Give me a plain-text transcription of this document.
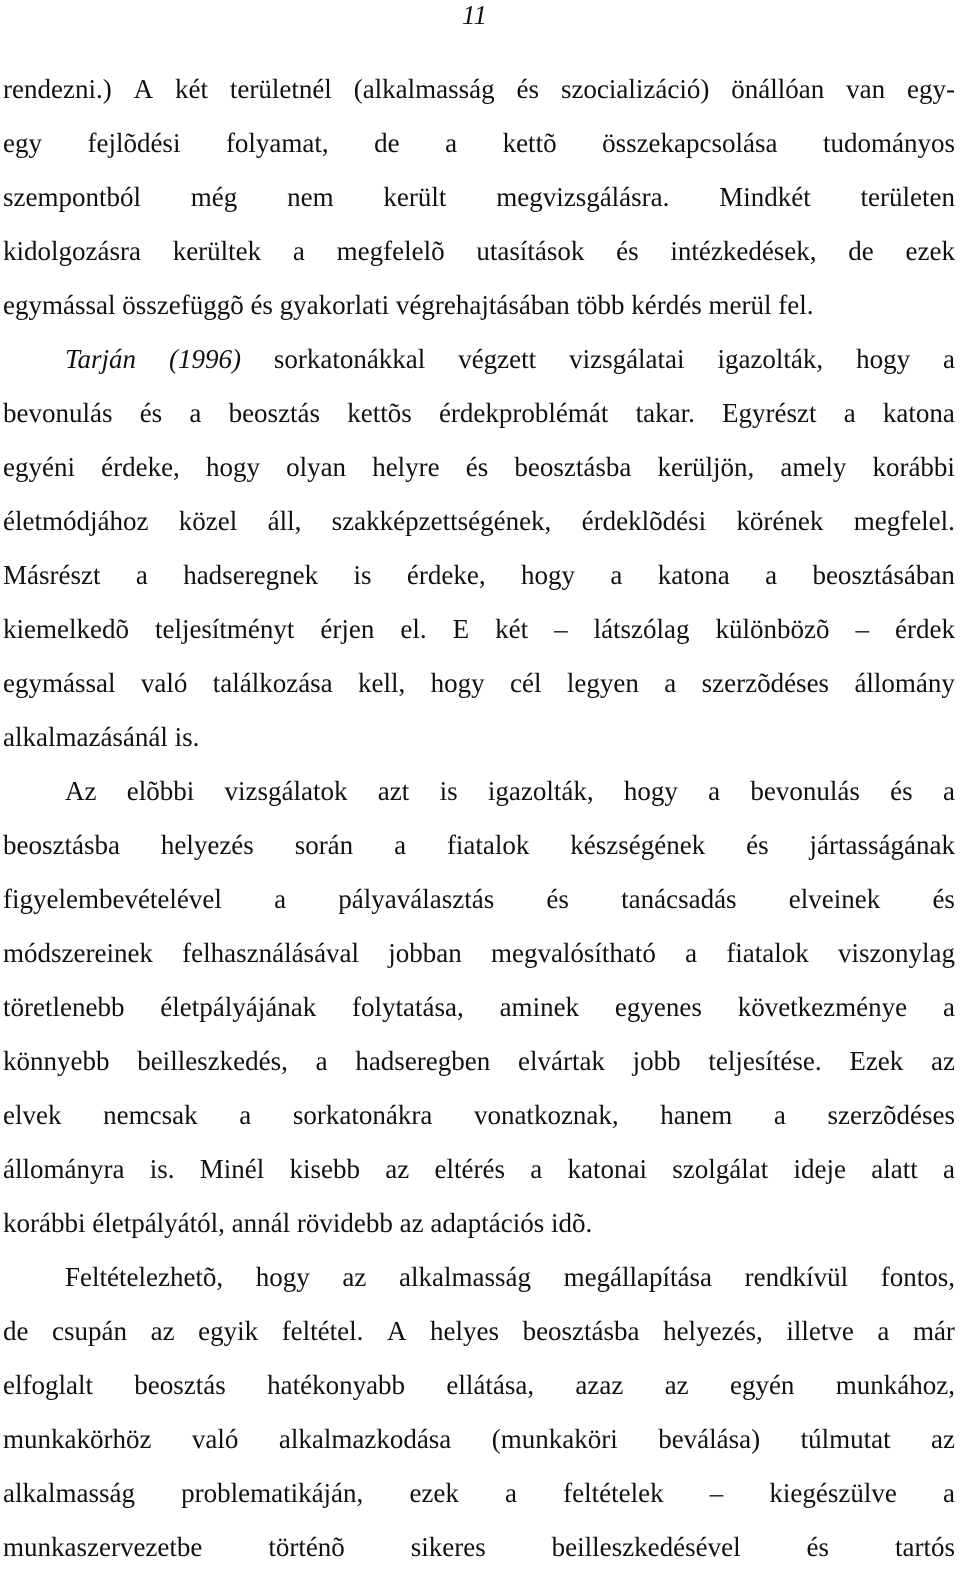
11
rendezni.) A két területnél (alkalmasság és szocializáció) önállóan van egy-
egy fejlõdési folyamat, de a kettõ összekapcsolása tudományos
szempontból még nem került megvizsgálásra. Mindkét területen
kidolgozásra kerültek a megfelelõ utasítások és intézkedések, de ezek
egymással összefüggõ és gyakorlati végrehajtásában több kérdés merül fel.
Tarján (1996) sorkatonákkal végzett vizsgálatai igazolták, hogy a
bevonulás és a beosztás kettõs érdekproblémát takar. Egyrészt a katona
egyéni érdeke, hogy olyan helyre és beosztásba kerüljön, amely korábbi
életmódjához közel áll, szakképzettségének, érdeklõdési körének megfelel.
Másrészt a hadseregnek is érdeke, hogy a katona a beosztásában
kiemelkedõ teljesítményt érjen el. E két – látszólag különbözõ – érdek
egymással való találkozása kell, hogy cél legyen a szerzõdéses állomány
alkalmazásánál is.
Az elõbbi vizsgálatok azt is igazolták, hogy a bevonulás és a
beosztásba helyezés során a fiatalok készségének és jártasságának
figyelembevételével a pályaválasztás és tanácsadás elveinek és
módszereinek felhasználásával jobban megvalósítható a fiatalok viszonylag
töretlenebb életpályájának folytatása, aminek egyenes következménye a
könnyebb beilleszkedés, a hadseregben elvártak jobb teljesítése. Ezek az
elvek nemcsak a sorkatonákra vonatkoznak, hanem a szerzõdéses
állományra is. Minél kisebb az eltérés a katonai szolgálat ideje alatt a
korábbi életpályától, annál rövidebb az adaptációs idõ.
Feltételezhetõ, hogy az alkalmasság megállapítása rendkívül fontos,
de csupán az egyik feltétel. A helyes beosztásba helyezés, illetve a már
elfoglalt beosztás hatékonyabb ellátása, azaz az egyén munkához,
munkakörhöz való alkalmazkodása (munkaköri beválása) túlmutat az
alkalmasság problematikáján, ezek a feltételek – kiegészülve a
munkaszervezetbe történõ sikeres beilleszkedésével és tartós
